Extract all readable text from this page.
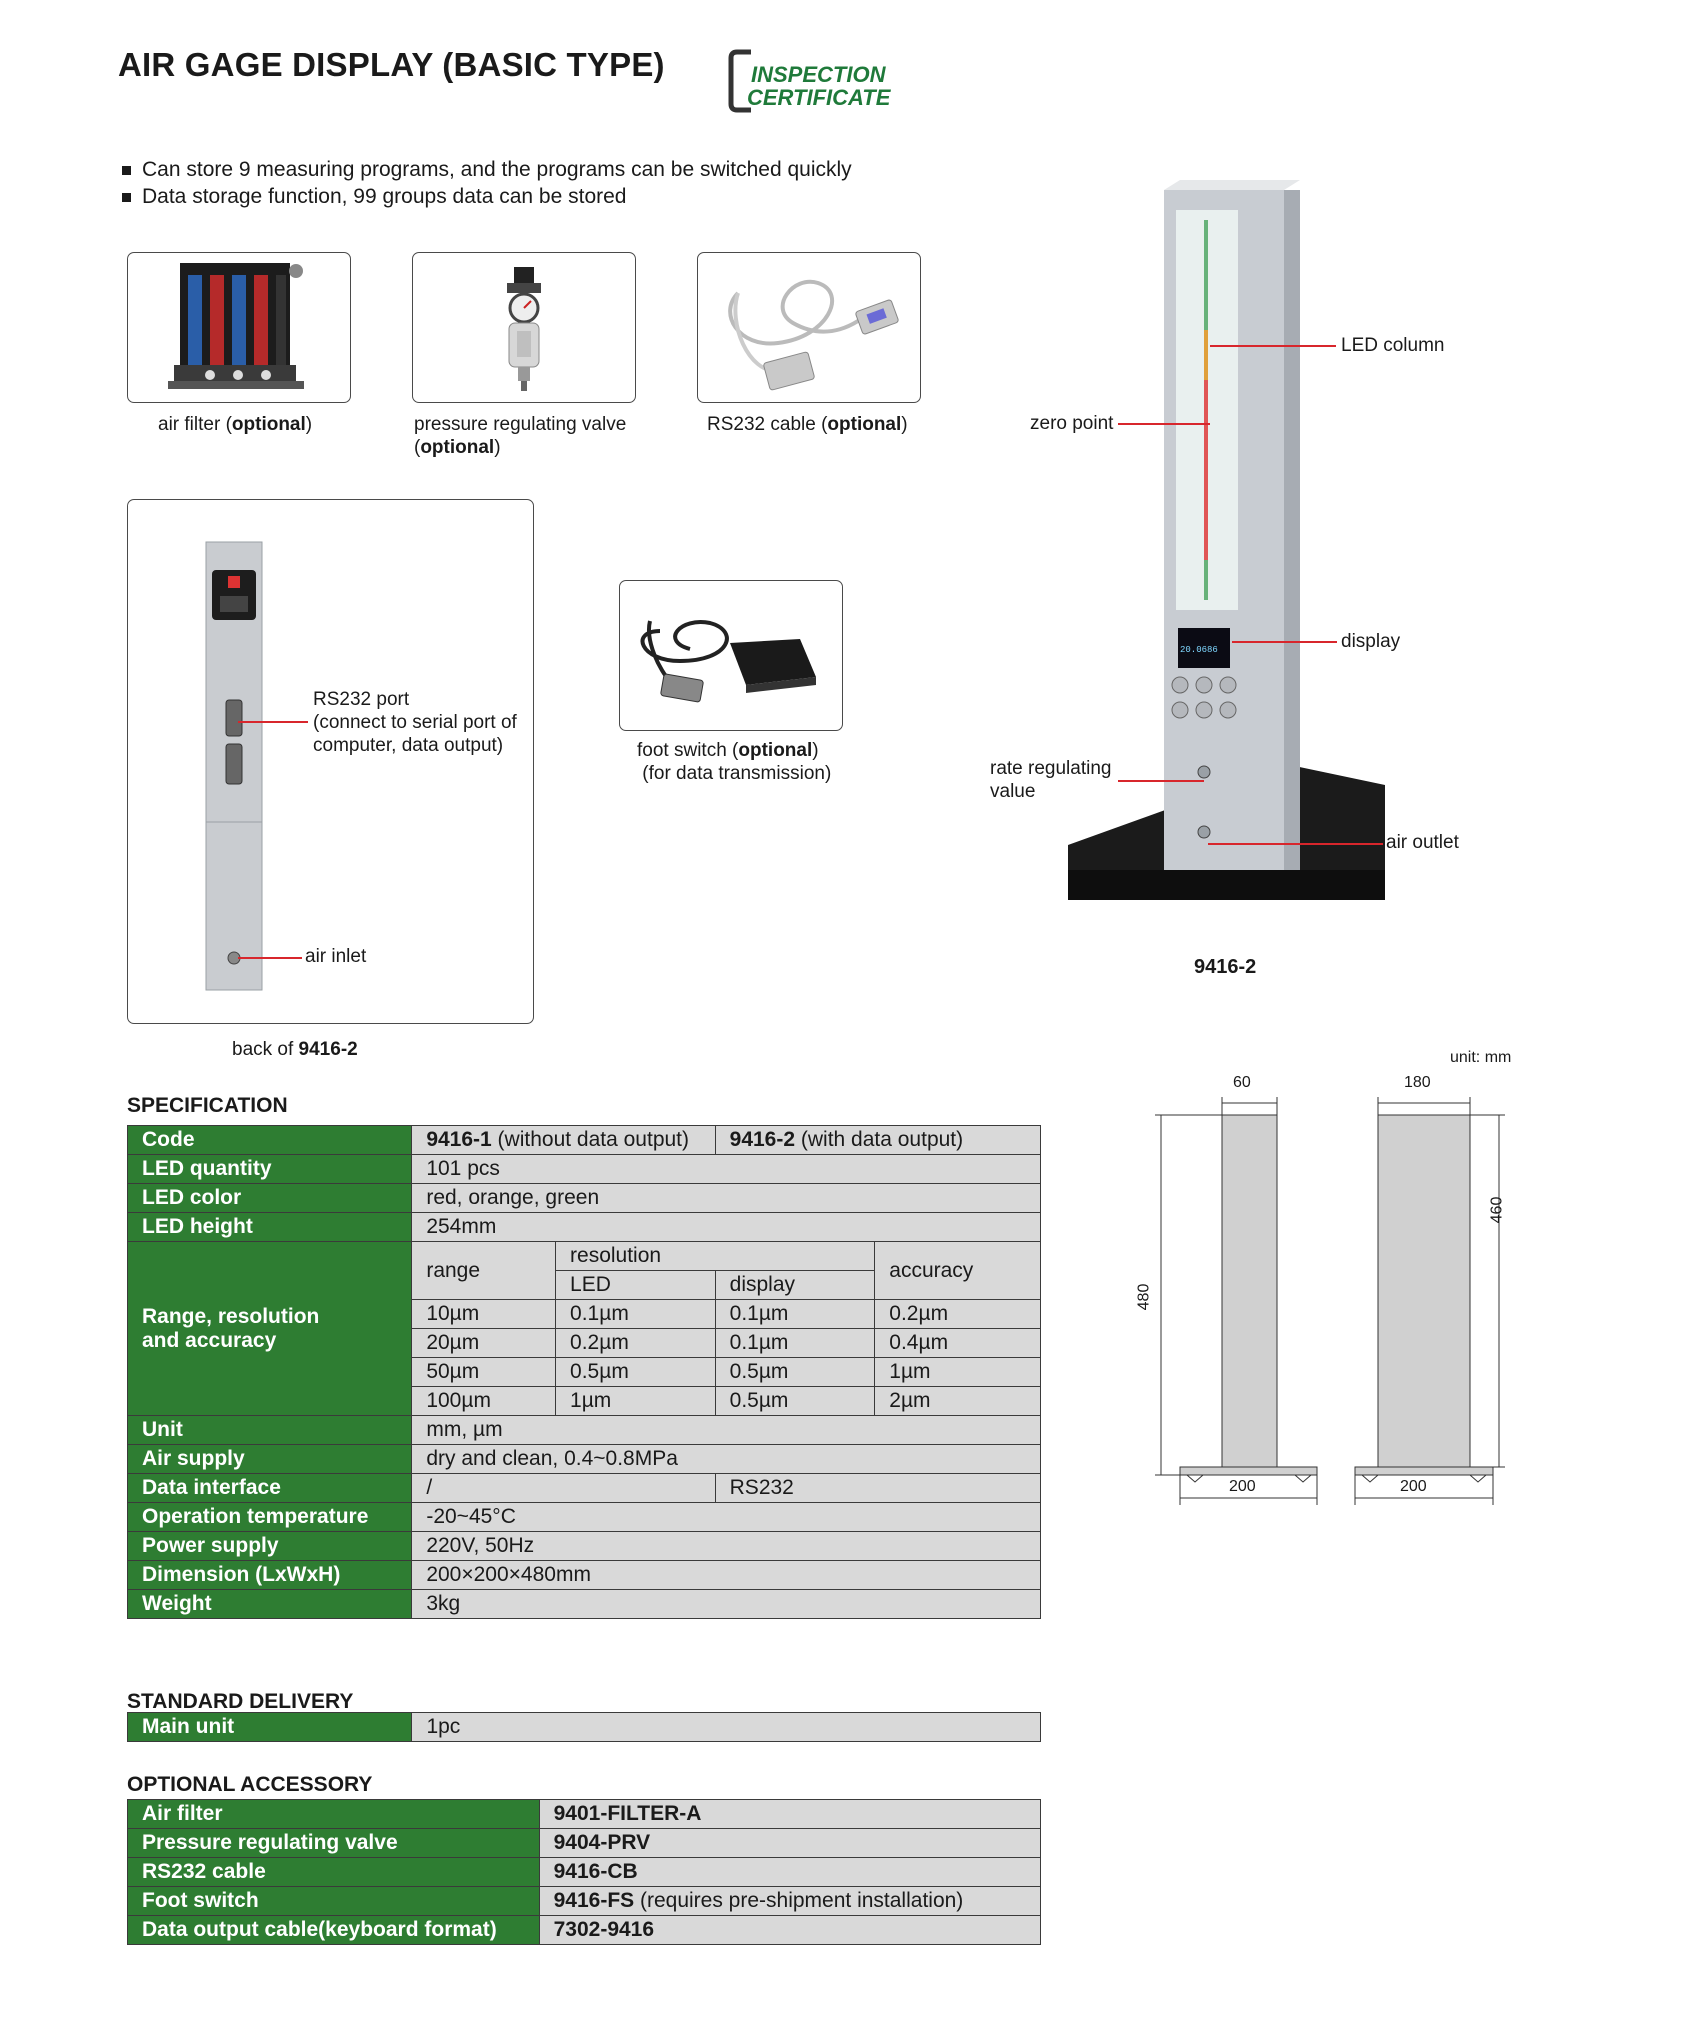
AIR GAGE DISPLAY (BASIC TYPE)	INSPECTION
CERTIFICATE
Can store 9 measuring programs, and the programs can be switched quickly
Data storage function, 99 groups data can be stored
air filter (optional)	pressure regulating valve
(optional)
RS232 cable (optional)
RS232 port
(connect to serial port of
computer, data output)
air inlet
back of 9416-2
foot switch (optional)
(for data transmission)
20.0686
LED column
zero point
display
rate regulating
value
air outlet
9416-2
unit: mm
60
480
200
180
460
200
SPECIFICATION
Code	9416-1 (without data output)		9416-2 (with data output)	
LED quantity	101 pcs			
LED color	red, orange, green			
LED height	254mm			
Range, resolution
and accuracy	range	resolution		accuracy
		LED	display	
	10µm	0.1µm	0.1µm	0.2µm
	20µm	0.2µm	0.1µm	0.4µm
	50µm	0.5µm	0.5µm	1µm
	100µm	1µm	0.5µm	2µm
Unit	mm, µm			
Air supply	dry and clean, 0.4~0.8MPa			
Data interface	/		RS232	
Operation temperature	-20~45°C			
Power supply	220V, 50Hz			
Dimension (LxWxH)	200×200×480mm			
Weight	3kg			
STANDARD DELIVERY
Main unit	1pc
OPTIONAL ACCESSORY
Air filter	9401-FILTER-A
Pressure regulating valve	9404-PRV
RS232 cable	9416-CB
Foot switch	9416-FS (requires pre-shipment installation)
Data output cable(keyboard format)	7302-9416
